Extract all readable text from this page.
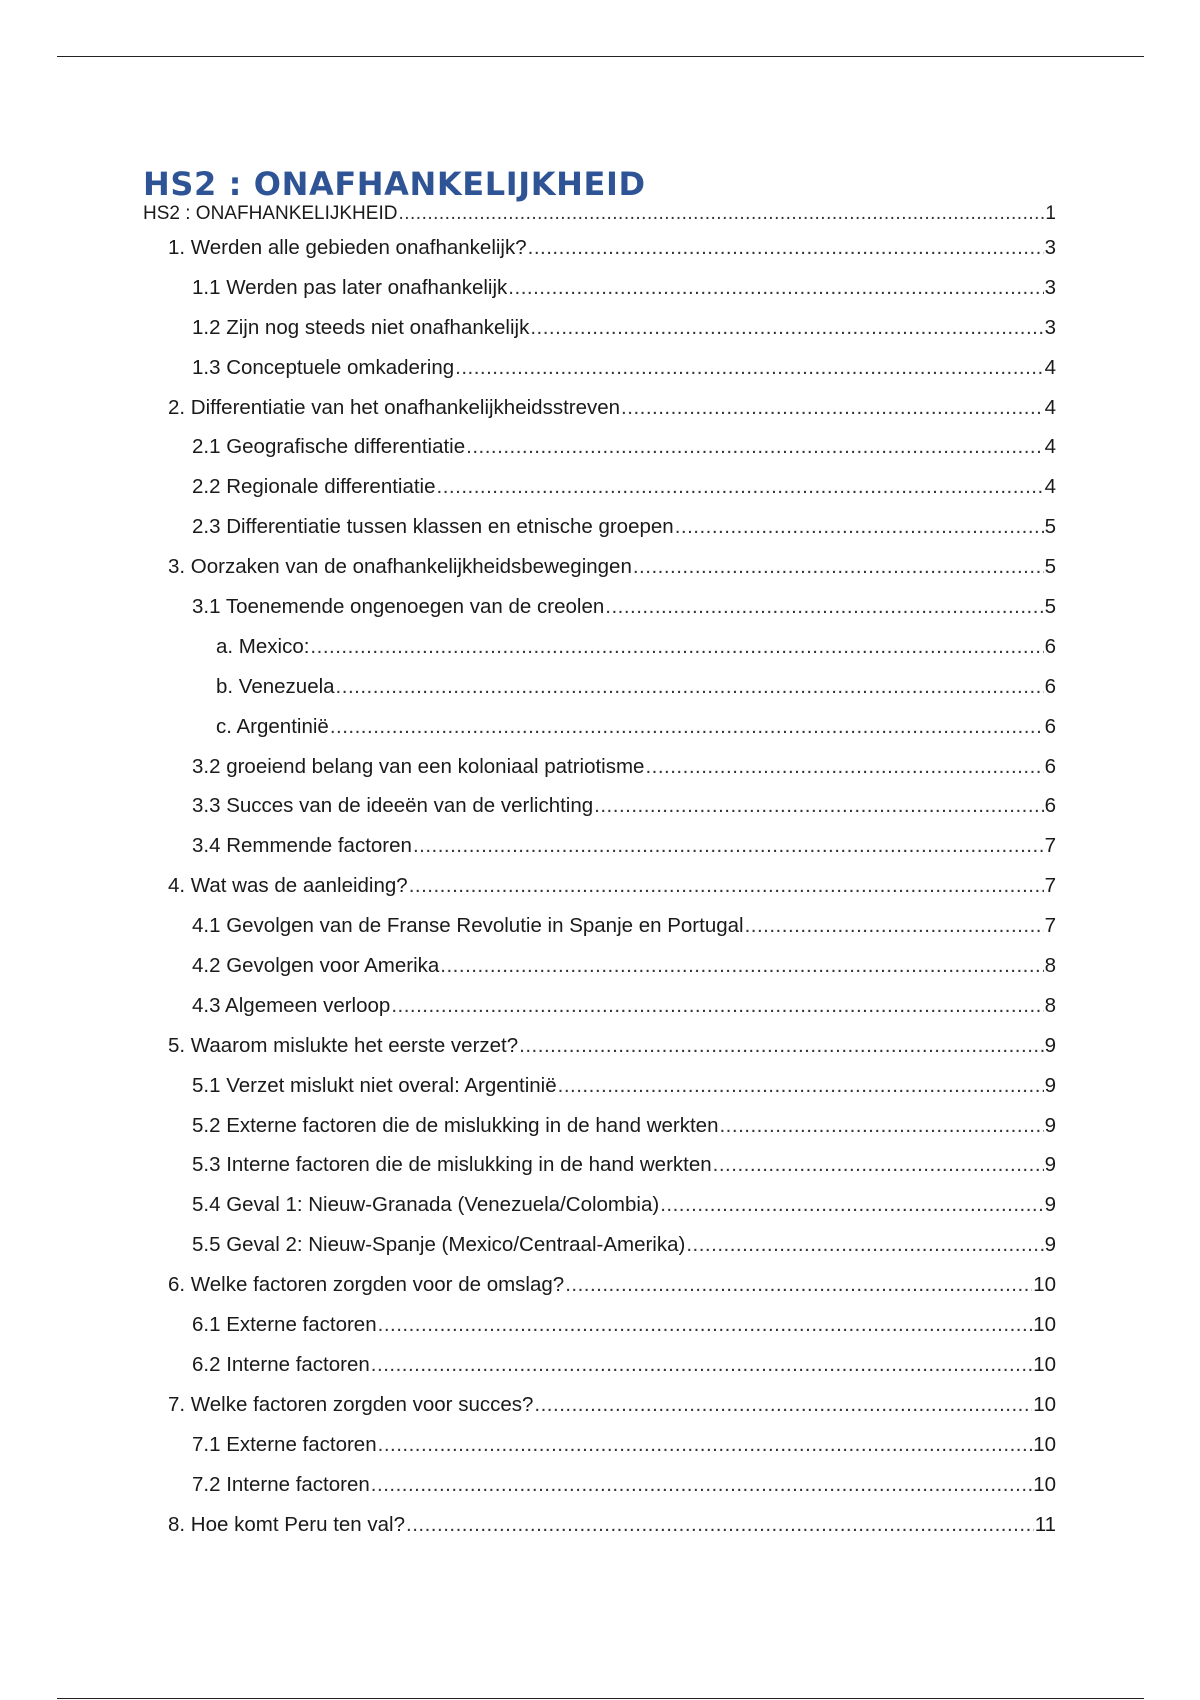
HS2 : ONAFHANKELIJKHEID
HS2 : ONAFHANKELIJKHEID .....	1
1. Werden alle gebieden onafhankelijk? .....	3
1.1 Werden pas later onafhankelijk .....	3
1.2 Zijn nog steeds niet onafhankelijk .....	3
1.3 Conceptuele omkadering .....	4
2. Differentiatie van het onafhankelijkheidsstreven .....	4
2.1 Geografische differentiatie .....	4
2.2 Regionale differentiatie .....	4
2.3 Differentiatie tussen klassen en etnische groepen .....	5
3. Oorzaken van de onafhankelijkheidsbewegingen .....	5
3.1 Toenemende ongenoegen van de creolen .....	5
a. Mexico: .....	6
b. Venezuela .....	6
c. Argentinië .....	6
3.2 groeiend belang van een koloniaal patriotisme .....	6
3.3 Succes van de ideeën van de verlichting .....	6
3.4 Remmende factoren .....	7
4. Wat was de aanleiding? .....	7
4.1 Gevolgen van de Franse Revolutie in Spanje en Portugal .....	7
4.2 Gevolgen voor Amerika .....	8
4.3 Algemeen verloop .....	8
5. Waarom mislukte het eerste verzet? .....	9
5.1 Verzet mislukt niet overal: Argentinië .....	9
5.2 Externe factoren die de mislukking in de hand werkten .....	9
5.3 Interne factoren die de mislukking in de hand werkten .....	9
5.4 Geval 1: Nieuw-Granada (Venezuela/Colombia) .....	9
5.5 Geval 2: Nieuw-Spanje (Mexico/Centraal-Amerika) .....	9
6. Welke factoren zorgden voor de omslag? .....	10
6.1 Externe factoren .....	10
6.2 Interne factoren .....	10
7. Welke factoren zorgden voor succes? .....	10
7.1 Externe factoren .....	10
7.2 Interne factoren .....	10
8. Hoe komt Peru ten val? .....	11
